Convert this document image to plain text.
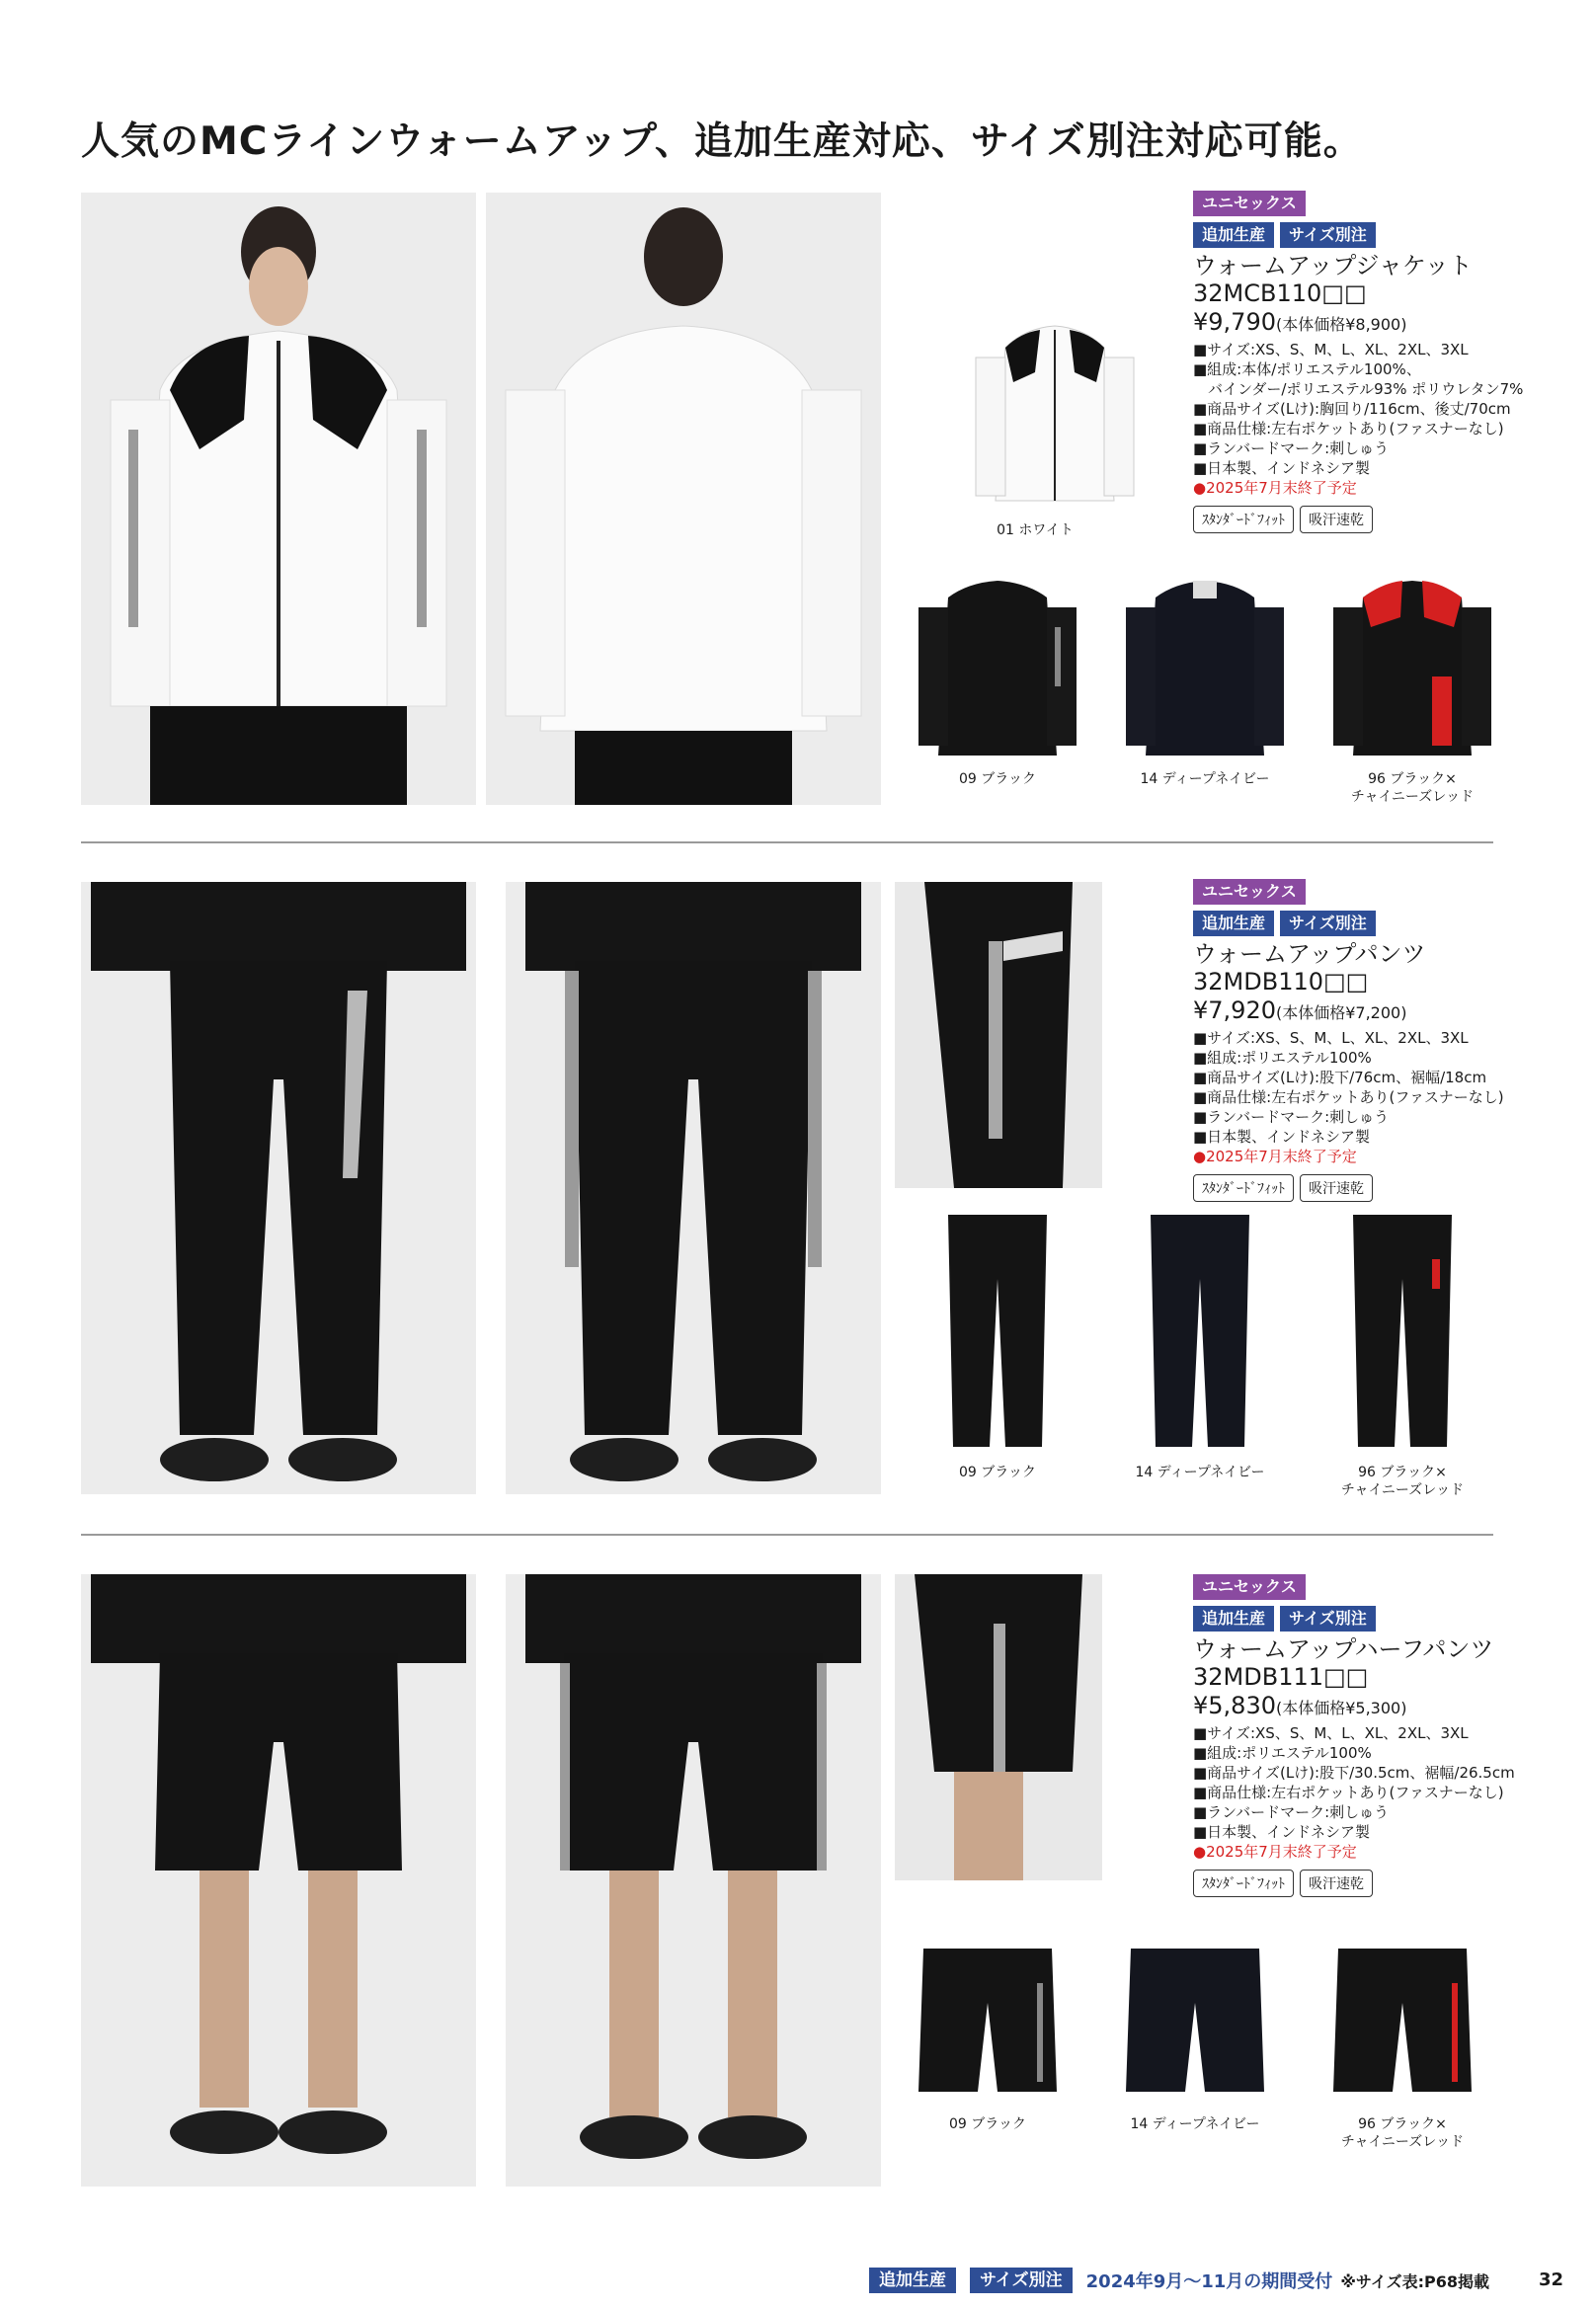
人気のMCラインウォームアップ、追加生産対応、サイズ別注対応可能。
01 ホワイト
09 ブラック	14 ディープネイビー	96 ブラック×
チャイニーズレッド
ユニセックス
追加生産 サイズ別注
ウォームアップジャケット
32MCB110□□
¥9,790(本体価格¥8,900)
■サイズ:XS、S、M、L、XL、2XL、3XL
■組成:本体/ポリエステル100%、
　バインダー/ポリエステル93% ポリウレタン7%
■商品サイズ(Lけ):胸回り/116cm、後丈/70cm
■商品仕様:左右ポケットあり(ファスナーなし)
■ランバードマーク:刺しゅう
■日本製、インドネシア製
●2025年7月末終了予定
ｽﾀﾝﾀﾞｰﾄﾞﾌｨｯﾄ 吸汗速乾
09 ブラック	14 ディープネイビー	96 ブラック×
チャイニーズレッド
ユニセックス
追加生産 サイズ別注
ウォームアップパンツ
32MDB110□□
¥7,920(本体価格¥7,200)
■サイズ:XS、S、M、L、XL、2XL、3XL
■組成:ポリエステル100%
■商品サイズ(Lけ):股下/76cm、裾幅/18cm
■商品仕様:左右ポケットあり(ファスナーなし)
■ランバードマーク:刺しゅう
■日本製、インドネシア製
●2025年7月末終了予定
ｽﾀﾝﾀﾞｰﾄﾞﾌｨｯﾄ 吸汗速乾
09 ブラック	14 ディープネイビー	96 ブラック×
チャイニーズレッド
ユニセックス
追加生産 サイズ別注
ウォームアップハーフパンツ
32MDB111□□
¥5,830(本体価格¥5,300)
■サイズ:XS、S、M、L、XL、2XL、3XL
■組成:ポリエステル100%
■商品サイズ(Lけ):股下/30.5cm、裾幅/26.5cm
■商品仕様:左右ポケットあり(ファスナーなし)
■ランバードマーク:刺しゅう
■日本製、インドネシア製
●2025年7月末終了予定
ｽﾀﾝﾀﾞｰﾄﾞﾌｨｯﾄ 吸汗速乾
追加生産	サイズ別注	2024年9月〜11月の期間受付 ※サイズ表:P68掲載	32
